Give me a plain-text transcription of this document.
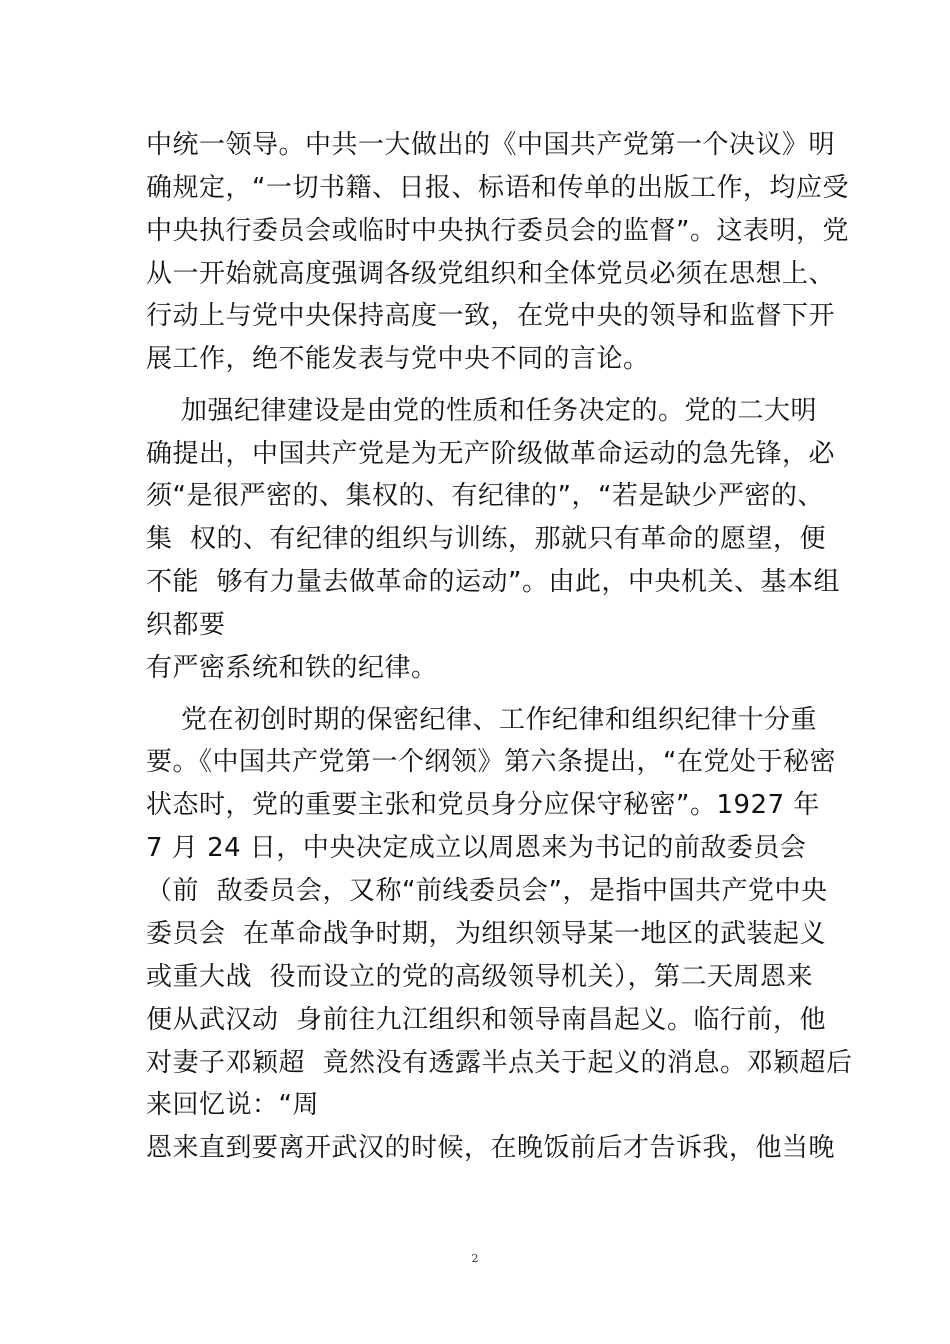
中统一领导。中共一大做出的《中国共产党第一个决议》明
确规定，“一切书籍、日报、标语和传单的出版工作，均应受
中央执行委员会或临时中央执行委员会的监督”。这表明，党
从一开始就高度强调各级党组织和全体党员必须在思想上、
行动上与党中央保持高度一致，在党中央的领导和监督下开
展工作，绝不能发表与党中央不同的言论。
加强纪律建设是由党的性质和任务决定的。党的二大明
确提出，中国共产党是为无产阶级做革命运动的急先锋，必
须“是很严密的、集权的、有纪律的”，“若是缺少严密的、
集  权的、有纪律的组织与训练，那就只有革命的愿望，便
不能  够有力量去做革命的运动”。由此，中央机关、基本组
织都要
有严密系统和铁的纪律。
党在初创时期的保密纪律、工作纪律和组织纪律十分重
要。《中国共产党第一个纲领》第六条提出，“在党处于秘密
状态时，党的重要主张和党员身分应保守秘密”。1927 年
7 月 24 日，中央决定成立以周恩来为书记的前敌委员会
（前  敌委员会，又称“前线委员会”，是指中国共产党中央
委员会  在革命战争时期，为组织领导某一地区的武装起义
或重大战  役而设立的党的高级领导机关），第二天周恩来
便从武汉动  身前往九江组织和领导南昌起义。临行前，他
对妻子邓颖超  竟然没有透露半点关于起义的消息。邓颖超后
来回忆说：“周
恩来直到要离开武汉的时候，在晚饭前后才告诉我，他当晚
2
